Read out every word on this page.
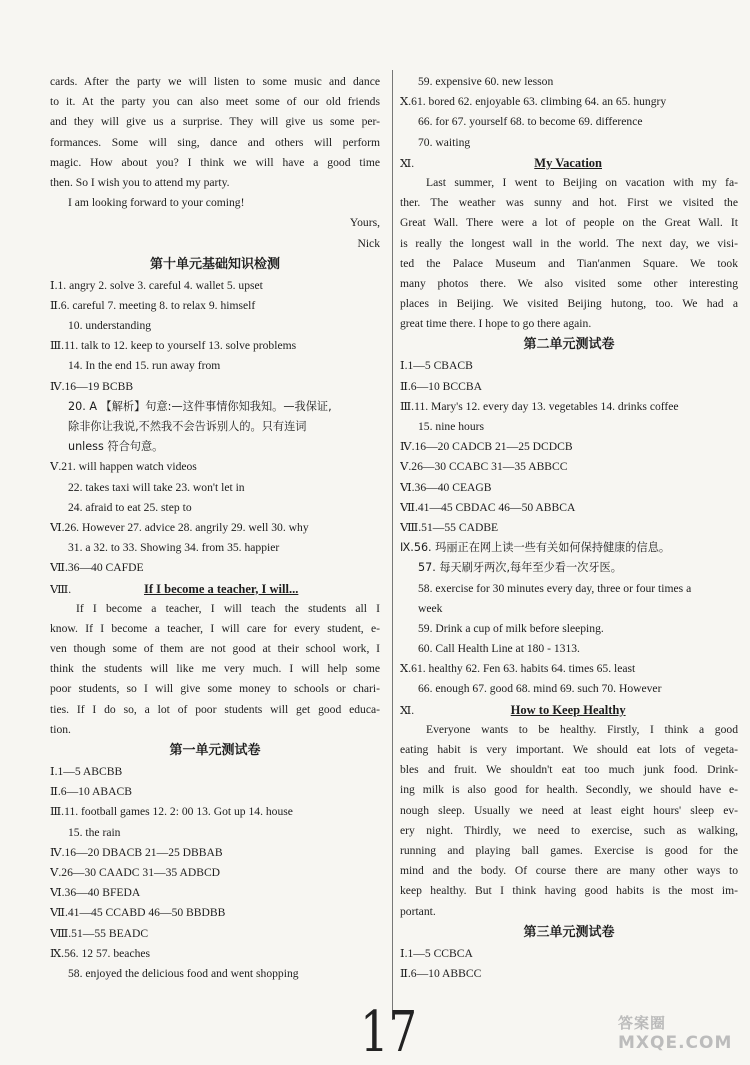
cards. After the party we will listen to some music and dance
to it. At the party you can also meet some of our old friends
and they will give us a surprise. They will give us some per-
formances. Some will sing, dance and others will perform
magic. How about you? I think we will have a good time
then. So I wish you to attend my party.
I am looking forward to your coming!
Yours,
Nick
第十单元基础知识检测
Ⅰ.1. angry 2. solve 3. careful 4. wallet 5. upset
Ⅱ.6. careful 7. meeting 8. to relax 9. himself
10. understanding
Ⅲ.11. talk to 12. keep to yourself 13. solve problems
14. In the end 15. run away from
Ⅳ.16—19 BCBB
20. A 【解析】句意:—这件事情你知我知。—我保证,
除非你让我说,不然我不会告诉别人的。只有连词
unless 符合句意。
Ⅴ.21. will happen watch videos
22. takes taxi will take 23. won't let in
24. afraid to eat 25. step to
Ⅵ.26. However 27. advice 28. angrily 29. well 30. why
31. a 32. to 33. Showing 34. from 35. happier
Ⅶ.36—40 CAFDE
Ⅷ.	If I become a teacher, I will...
If I become a teacher, I will teach the students all I
know. If I become a teacher, I will care for every student, e-
ven though some of them are not good at their school work, I
think the students will like me very much. I will help some
poor students, so I will give some money to schools or chari-
ties. If I do so, a lot of poor students will get good educa-
tion.
第一单元测试卷
Ⅰ.1—5 ABCBB
Ⅱ.6—10 ABACB
Ⅲ.11. football games 12. 2: 00 13. Got up 14. house
15. the rain
Ⅳ.16—20 DBACB 21—25 DBBAB
Ⅴ.26—30 CAADC 31—35 ADBCD
Ⅵ.36—40 BFEDA
Ⅶ.41—45 CCABD 46—50 BBDBB
Ⅷ.51—55 BEADC
Ⅸ.56. 12 57. beaches
58. enjoyed the delicious food and went shopping
59. expensive 60. new lesson
Ⅹ.61. bored 62. enjoyable 63. climbing 64. an 65. hungry
66. for 67. yourself 68. to become 69. difference
70. waiting
Ⅺ.	My Vacation
Last summer, I went to Beijing on vacation with my fa-
ther. The weather was sunny and hot. First we visited the
Great Wall. There were a lot of people on the Great Wall. It
is really the longest wall in the world. The next day, we visi-
ted the Palace Museum and Tian'anmen Square. We took
many photos there. We also visited some other interesting
places in Beijing. We visited Beijing hutong, too. We had a
great time there. I hope to go there again.
第二单元测试卷
Ⅰ.1—5 CBACB
Ⅱ.6—10 BCCBA
Ⅲ.11. Mary's 12. every day 13. vegetables 14. drinks coffee
15. nine hours
Ⅳ.16—20 CADCB 21—25 DCDCB
Ⅴ.26—30 CCABC 31—35 ABBCC
Ⅵ.36—40 CEAGB
Ⅶ.41—45 CBDAC 46—50 ABBCA
Ⅷ.51—55 CADBE
Ⅸ.56. 玛丽正在网上读一些有关如何保持健康的信息。
57. 每天刷牙两次,每年至少看一次牙医。
58. exercise for 30 minutes every day, three or four times a
week
59. Drink a cup of milk before sleeping.
60. Call Health Line at 180 - 1313.
Ⅹ.61. healthy 62. Fen 63. habits 64. times 65. least
66. enough 67. good 68. mind 69. such 70. However
Ⅺ.	How to Keep Healthy
Everyone wants to be healthy. Firstly, I think a good
eating habit is very important. We should eat lots of vegeta-
bles and fruit. We shouldn't eat too much junk food. Drink-
ing milk is also good for health. Secondly, we should have e-
nough sleep. Usually we need at least eight hours' sleep ev-
ery night. Thirdly, we need to exercise, such as walking,
running and playing ball games. Exercise is good for the
mind and the body. Of course there are many other ways to
keep healthy. But I think having good habits is the most im-
portant.
第三单元测试卷
Ⅰ.1—5 CCBCA
Ⅱ.6—10 ABBCC
17	答案圈
MXQE.COM
